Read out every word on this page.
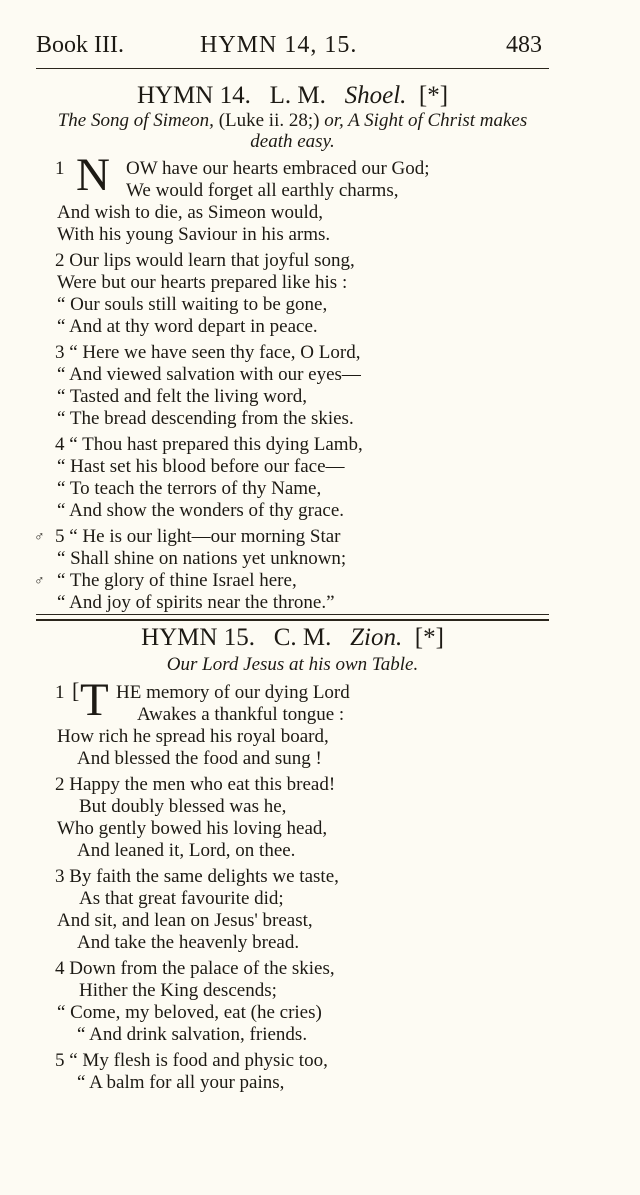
Book III.	HYMN 14, 15.	483
HYMN 14. L. M. Shoel. [*]
The Song of Simeon, (Luke ii. 28;) or, A Sight of Christ makes death easy.
1 N OW have our hearts embraced our God;
We would forget all earthly charms,
And wish to die, as Simeon would,
With his young Saviour in his arms.
2 Our lips would learn that joyful song,
Were but our hearts prepared like his :
“ Our souls still waiting to be gone,
“ And at thy word depart in peace.
3 “ Here we have seen thy face, O Lord,
“ And viewed salvation with our eyes—
“ Tasted and felt the living word,
“ The bread descending from the skies.
4 “ Thou hast prepared this dying Lamb,
“ Hast set his blood before our face—
“ To teach the terrors of thy Name,
“ And show the wonders of thy grace.
♂ 5 “ He is our light—our morning Star
“ Shall shine on nations yet unknown;
♂ “ The glory of thine Israel here,
“ And joy of spirits near the throne.”
HYMN 15. C. M. Zion. [*]
Our Lord Jesus at his own Table.
1 [ T HE memory of our dying Lord
Awakes a thankful tongue :
How rich he spread his royal board,
And blessed the food and sung !
2 Happy the men who eat this bread!
But doubly blessed was he,
Who gently bowed his loving head,
And leaned it, Lord, on thee.
3 By faith the same delights we taste,
As that great favourite did;
And sit, and lean on Jesus' breast,
And take the heavenly bread.
4 Down from the palace of the skies,
Hither the King descends;
“ Come, my beloved, eat (he cries)
“ And drink salvation, friends.
5 “ My flesh is food and physic too,
“ A balm for all your pains,
